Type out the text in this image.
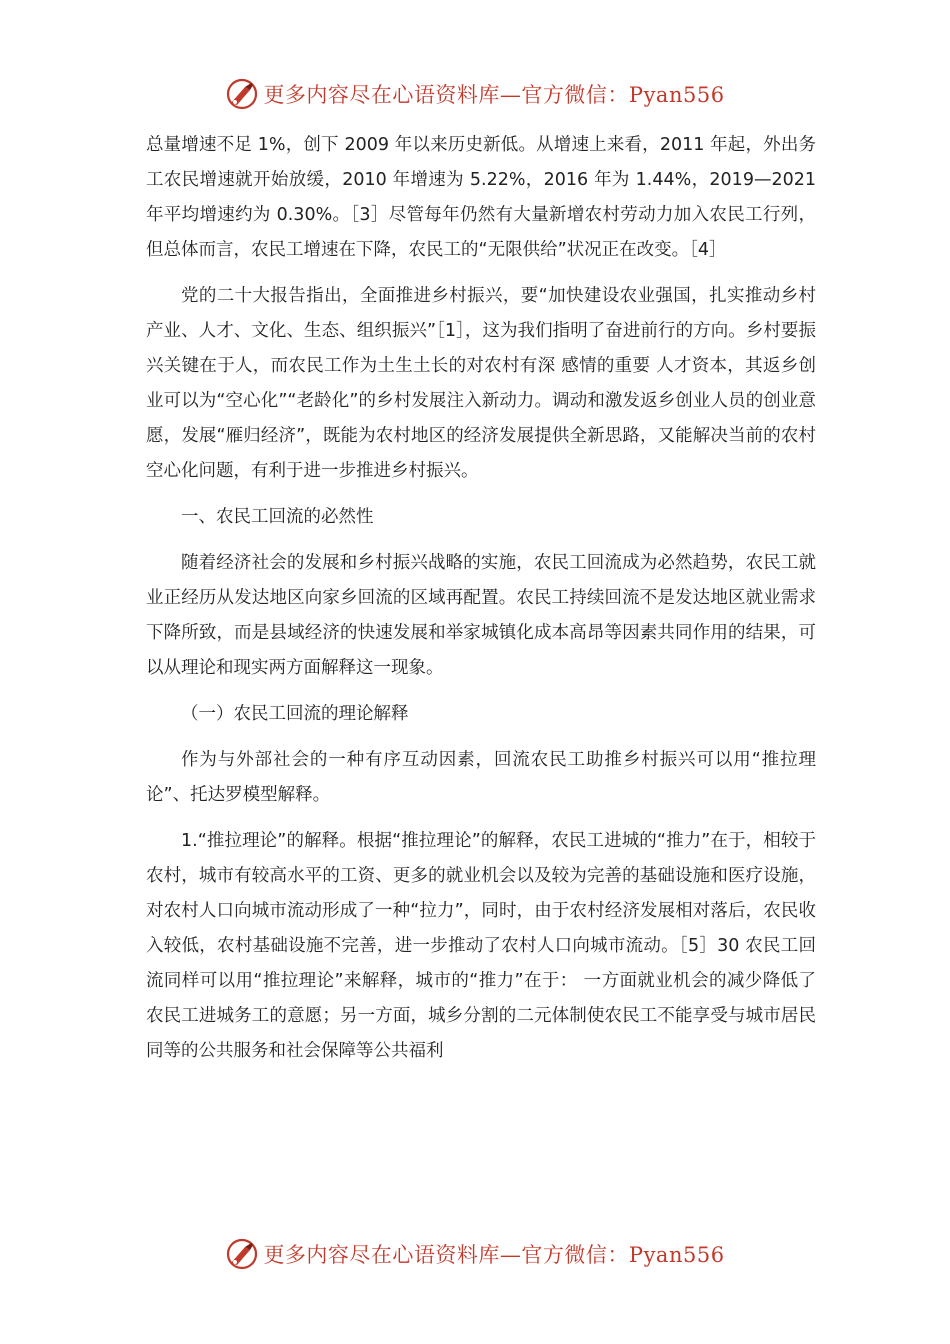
更多内容尽在心语资料库—官方微信：Pyan556

总量增速不足 1%，创下 2009 年以来历史新低。从增速上来看，2011 年起，外出务工农民增速就开始放缓，2010 年增速为 5.22%，2016 年为 1.44%，2019—2021 年平均增速约为 0.30%。［3］尽管每年仍然有大量新增农村劳动力加入农民工行列，但总体而言，农民工增速在下降，农民工的“无限供给”状况正在改变。［4］

党的二十大报告指出，全面推进乡村振兴，要“加快建设农业强国，扎实推动乡村产业、人才、文化、生态、组织振兴”［1］，这为我们指明了奋进前行的方向。乡村要振兴关键在于人，而农民工作为土生土长的对农村有深⁠ 感情的重要 人才资本，其返乡创业可以为“空心化”“老龄化”的乡村发展注入新动力。调动和激发返乡创业人员的创业意愿，发展“雁归经济”，既能为农村地区的经济发展提供全新思路，又能解决当前的农村空心化问题，有利于进一步推进乡村振兴。

一、农民工回流的必然性

随着经济社会的发展和乡村振兴战略的实施，农民工回流成为必然趋势，农民工就业正经历从发达地区向家乡回流的区域再配置。农民工持续回流不是发达地区就业需求下降所致，而是县域经济的快速发展和举家城镇化成本高昂等因素共同作用的结果，可以从理论和现实两方面解释这一现象。

（一）农民工回流的理论解释

作为与外部社会的一种有序互动因素，回流农民工助推乡村振兴可以用“推拉理论”、托达罗模型解释。

1.“推拉理论”的解释。根据“推拉理论”的解释，农民工进城的“推力”在于，相较于农村，城市有较高水平的工资、更多的就业机会以及较为完善的基础设施和医疗设施，对农村人口向城市流动形成了一种“拉力”，同时，由于农村经济发展相对落后，农民收入较低，农村基础设施不完善，进一步推动了农村人口向城市流动。［5］30 农民工回流同样可以用“推拉理论”来解释，城市的“推力”在于： 一方面就业机会的减少降低了农民工进城务工的意愿；另一方面，城乡分割的二元体制使农民工不能享受与城市居民同等的公共服务和社会保障等公共福利

更多内容尽在心语资料库—官方微信：Pyan556
